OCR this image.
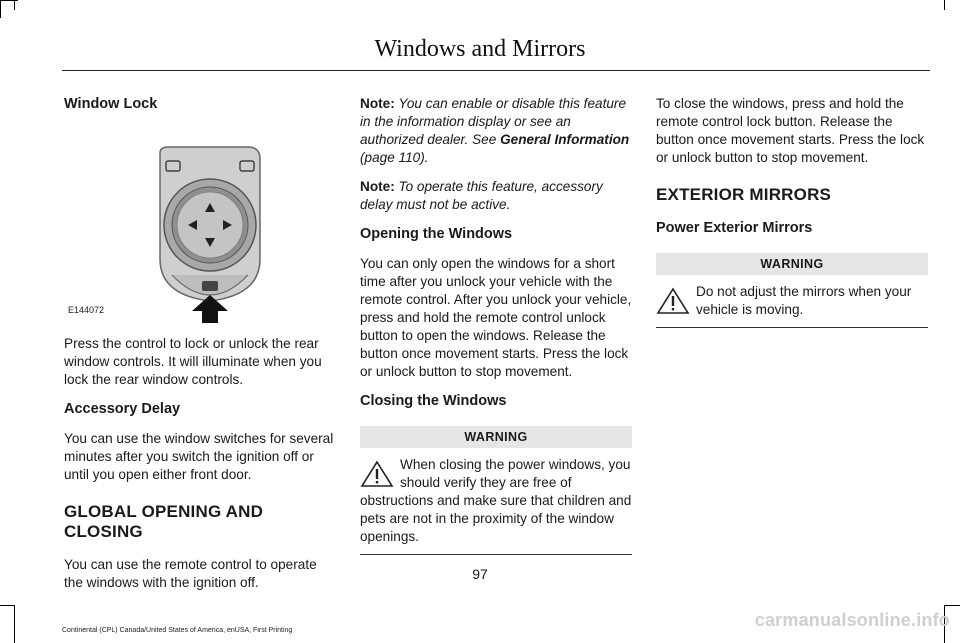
Windows and Mirrors
Window Lock
E144072

Press the control to lock or unlock the rear window controls. It will illuminate when you lock the rear window controls.

Accessory Delay

You can use the window switches for several minutes after you switch the ignition off or until you open either front door.

GLOBAL OPENING AND CLOSING

You can use the remote control to operate the windows with the ignition off.

Note: You can enable or disable this feature in the information display or see an authorized dealer. See General Information (page 110).

Note: To operate this feature, accessory delay must not be active.

Opening the Windows

You can only open the windows for a short time after you unlock your vehicle with the remote control. After you unlock your vehicle, press and hold the remote control unlock button to open the windows. Release the button once movement starts. Press the lock or unlock button to stop movement.

Closing the Windows
WARNING
When closing the power windows, you should verify they are free of obstructions and make sure that children and pets are not in the proximity of the window openings.

To close the windows, press and hold the remote control lock button. Release the button once movement starts. Press the lock or unlock button to stop movement.

EXTERIOR MIRRORS
Power Exterior Mirrors
WARNING
Do not adjust the mirrors when your vehicle is moving.
97
Continental (CPL) Canada/United States of America, enUSA, First Printing
carmanualsonline.info
